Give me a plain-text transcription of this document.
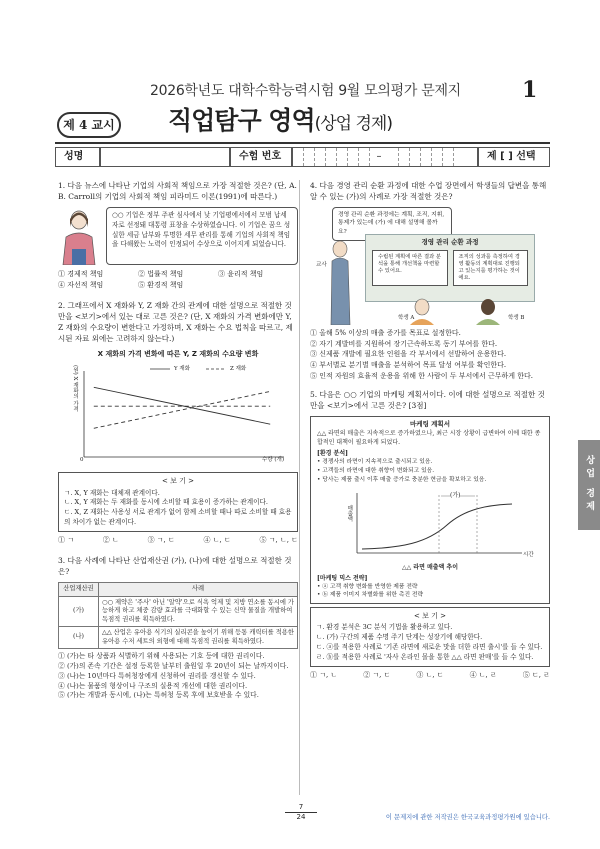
2026학년도 대학수학능력시험 9월 모의평가 문제지	1
제 4 교시 직업탐구 영역(상업 경제)
성명	수험 번호	–	제 [ ] 선택
1. 다음 뉴스에 나타난 기업의 사회적 책임으로 가장 적절한 것은? (단, A. B. Carroll의 기업의 사회적 책임 피라미드 이론(1991)에 따른다.)
○○ 기업은 정부 주관 심사에서 낮 기업평에서에서 모범 납세자로 선정돼 대통령 표창을 수상하였습니다. 이 기업은 꿈으 성실한 세금 납부와 투명한 세무 관리를 통해 기업의 사회적 책임을 다해왔는 노력이 인정되어 수상으로 이어지게 되었습니다.
① 경제적 책임	② 법률적 책임	③ 윤리적 책임
④ 자선적 책임	⑤ 환경적 책임
2. 그래프에서 X 재화와 Y, Z 재화 간의 관계에 대한 설명으로 적절한 것만을 <보기>에서 있는 대로 고른 것은? (단, X 재화의 가격 변화에만 Y, Z 재화의 수요량이 변한다고 가정하며, X 재화는 수요 법칙을 따르고, 제시된 자료 외에는 고려하지 않는다.)
X 재화의 가격 변화에 따른 Y, Z 재화의 수요량 변화
(원) X 재화의 가격
수량 (개)
0
Y 재화	Z 재화
< 보 기 >
ㄱ. X, Y 재화는 대체재 관계이다.
ㄴ. X, Y 재화는 두 재화를 동시에 소비할 때 효용이 증가하는 관계이다.
ㄷ. X, Z 재화는 사용성 서로 관계가 없어 함께 소비할 때나 따로 소비할 때 효용의 차이가 없는 관계이다.
① ㄱ	② ㄴ	③ ㄱ, ㄷ	④ ㄴ, ㄷ	⑤ ㄱ, ㄴ, ㄷ
3. 다음 사례에 나타난 산업재산권 (가), (나)에 대한 설명으로 적절한 것은?
산업재산권	사례
(가)	○○ 제약은 '주사' 아닌 '알약'으로 식욕 억제 및 지방 연소를 동시에 가능하게 하고 체중 감량 효과를 극대화할 수 있는 신약 물질을 개발하여 독점적 권리를 획득하였다.
(나)	△△ 산업은 유아용 식기의 실리콘을 높이기 위해 등통 캐릭터를 적용한 유아용 수저 세트의 외형에 대해 독점적 권리를 획득하였다.
① (가)는 타 상품과 식별하기 위해 사용되는 기호 등에 대한 권리이다.
② (가)의 존속 기간은 설정 등록한 날부터 출원일 후 20년이 되는 날까지이다.
③ (나)는 10년마다 특허청장에게 신청하여 권리를 갱신할 수 있다.
④ (나)는 물품의 형상이나 구조의 실용적 개선에 대한 권리이다.
⑤ (가)는 개발과 동시에, (나)는 특허청 등록 후에 보호받을 수 있다.
4. 다음 경영 관리 순환 과정에 대한 수업 장면에서 학생들의 답변을 통해 알 수 있는 (가)의 사례로 가장 적절한 것은?
경영 관리 순환 과정에는 계획, 조직, 지휘, 통제가 있는데 (가) 에 대해 설명해 볼까요?
경영 관리 순환 과정
수립된 계획에 따른 결과 분석을 통해 개선책을 마련할 수 있어요.
조직의 성과를 측정하여 경영 활동의 계획대로 진행되고 있는지를 평가하는 것이에요.
교사
학생 A	학생 B
① 올해 5% 이상의 매출 증가를 목표로 설정한다.
② 자기 계발비를 지원하여 장기근속하도록 동기 부여를 한다.
③ 신제품 개발에 필요한 인원을 각 부서에서 선발하여 운용한다.
④ 부서별로 분기별 매출을 분석하여 목표 달성 여부를 확인한다.
⑤ 인적 자원의 효율적 운용을 위해 한 사람이 두 부서에서 근무하게 한다.
5. 다음은 ○○ 기업의 마케팅 계획서이다. 이에 대한 설명으로 적절한 것만을 <보기>에서 고른 것은? [3점]
마케팅 계획서
△△ 라면의 매출은 지속적으로 증가하였으나, 최근 시장 상황이 급변하여 이에 대한 종합적인 대책이 필요하게 되었다.
[환경 분석]
• 경쟁사의 라면이 지속적으로 출시되고 있음.
• 고객들의 라면에 대한 취향이 변화되고 있음.
• 당사는 제품 출시 이후 매출 증가로 충분한 현금을 확보하고 있음.
매출액
시간
(가)
△△ 라면 매출액 추이
[마케팅 믹스 전략]
• ⓐ 고객 취향 변화를 반영한 제품 전략
• ⓑ 제품 이미지 차별화를 위한 촉진 전략
< 보 기 >
ㄱ. 환경 분석은 3C 분석 기법을 활용하고 있다.
ㄴ. (가) 구간의 제품 수명 주기 단계는 성장기에 해당한다.
ㄷ. ⓐ를 적용한 사례로 '기존 라면에 새로운 맛을 더한 라면 출시'를 들 수 있다.
ㄹ. ⓑ를 적용한 사례로 '자사 온라인 몰을 통한 △△ 라면 판매'를 들 수 있다.
① ㄱ, ㄴ	② ㄱ, ㄷ	③ ㄴ, ㄷ	④ ㄴ, ㄹ	⑤ ㄷ, ㄹ
상업 경제
7
24	이 문제지에 관한 저작권은 한국교육과정평가원에 있습니다.
